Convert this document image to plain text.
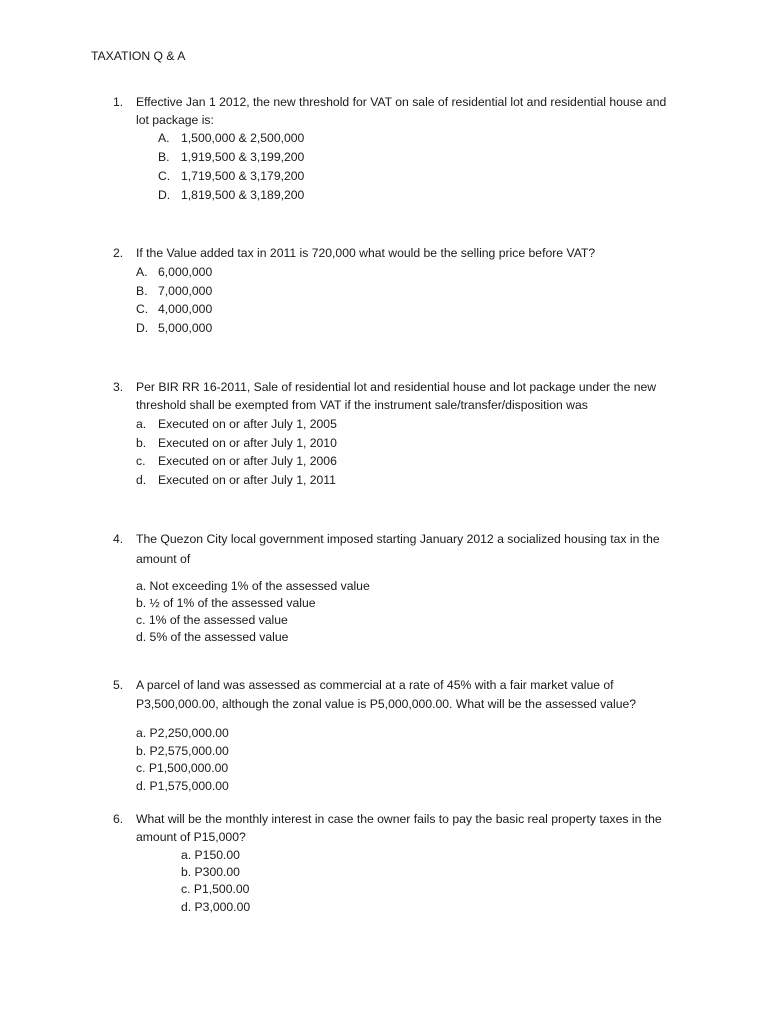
TAXATION Q & A
1. Effective Jan 1 2012, the new threshold for VAT on sale of residential lot and residential house and lot package is:
A. 1,500,000 & 2,500,000
B. 1,919,500 & 3,199,200
C. 1,719,500 & 3,179,200
D. 1,819,500 & 3,189,200
2. If the Value added tax in 2011 is 720,000 what would be the selling price before VAT?
A. 6,000,000
B. 7,000,000
C. 4,000,000
D. 5,000,000
3. Per BIR RR 16-2011, Sale of residential lot and residential house and lot package under the new threshold shall be exempted from VAT if the instrument sale/transfer/disposition was
a. Executed on or after July 1, 2005
b. Executed on or after July 1, 2010
c. Executed on or after July 1, 2006
d. Executed on or after July 1, 2011
4. The Quezon City local government imposed starting January 2012 a socialized housing tax in the amount of
a. Not exceeding 1% of the assessed value
b. ½ of 1% of the assessed value
c. 1% of the assessed value
d. 5% of the assessed value
5. A parcel of land was assessed as commercial at a rate of 45% with a fair market value of P3,500,000.00, although the zonal value is P5,000,000.00. What will be the assessed value?
a. P2,250,000.00
b. P2,575,000.00
c. P1,500,000.00
d. P1,575,000.00
6. What will be the monthly interest in case the owner fails to pay the basic real property taxes in the amount of P15,000?
a. P150.00
b. P300.00
c. P1,500.00
d. P3,000.00
